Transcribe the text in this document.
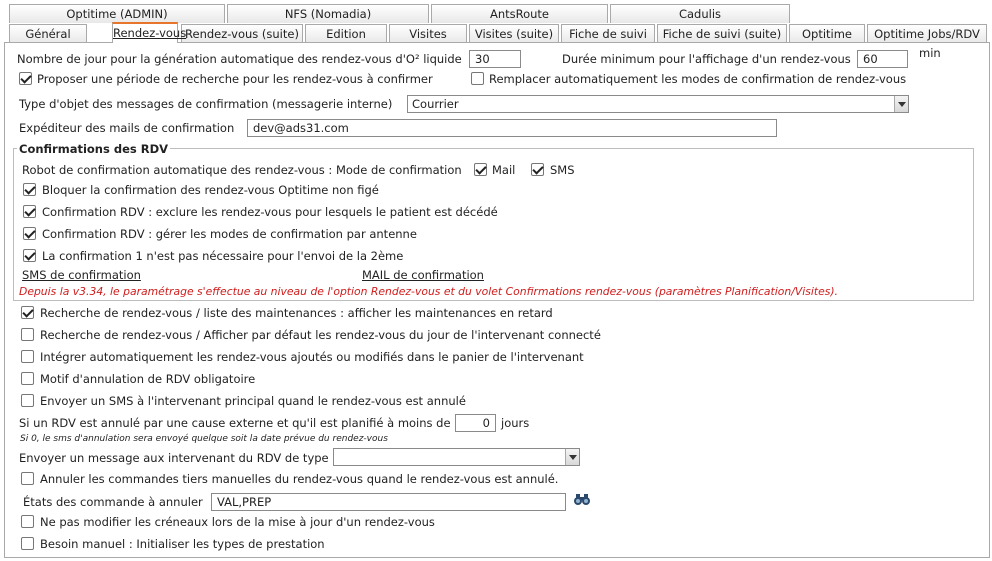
Optitime (ADMIN)	NFS (Nomadia)	AntsRoute	Cadulis
Général	Rendez-vous
Rendez-vous (suite)	Edition	Visites	Visites (suite)	Fiche de suivi	Fiche de suivi (suite)	Optitime	Optitime Jobs/RDV
Nombre de jour pour la génération automatique des rendez-vous d'O² liquide	30	Durée minimum pour l'affichage d'un rendez-vous	60	min
Proposer une période de recherche pour les rendez-vous à confirmer	Remplacer automatiquement les modes de confirmation de rendez-vous
Type d'objet des messages de confirmation (messagerie interne)	Courrier
Expéditeur des mails de confirmation	dev@ads31.com
Confirmations des RDV
Robot de confirmation automatique des rendez-vous : Mode de confirmation	Mail	SMS
Bloquer la confirmation des rendez-vous Optitime non figé
Confirmation RDV : exclure les rendez-vous pour lesquels le patient est décédé
Confirmation RDV : gérer les modes de confirmation par antenne
La confirmation 1 n'est pas nécessaire pour l'envoi de la 2ème
SMS de confirmation	MAIL de confirmation
Depuis la v3.34, le paramétrage s'effectue au niveau de l'option Rendez-vous et du volet Confirmations rendez-vous (paramètres Planification/Visites).
Recherche de rendez-vous / liste des maintenances : afficher les maintenances en retard
Recherche de rendez-vous / Afficher par défaut les rendez-vous du jour de l'intervenant connecté
Intégrer automatiquement les rendez-vous ajoutés ou modifiés dans le panier de l'intervenant
Motif d'annulation de RDV obligatoire
Envoyer un SMS à l'intervenant principal quand le rendez-vous est annulé
Si un RDV est annulé par une cause externe et qu'il est planifié à moins de	0 jours
Si 0, le sms d'annulation sera envoyé quelque soit la date prévue du rendez-vous
Envoyer un message aux intervenant du RDV de type
Annuler les commandes tiers manuelles du rendez-vous quand le rendez-vous est annulé.
États des commande à annuler	VAL,PREP
Ne pas modifier les créneaux lors de la mise à jour d'un rendez-vous
Besoin manuel : Initialiser les types de prestation
